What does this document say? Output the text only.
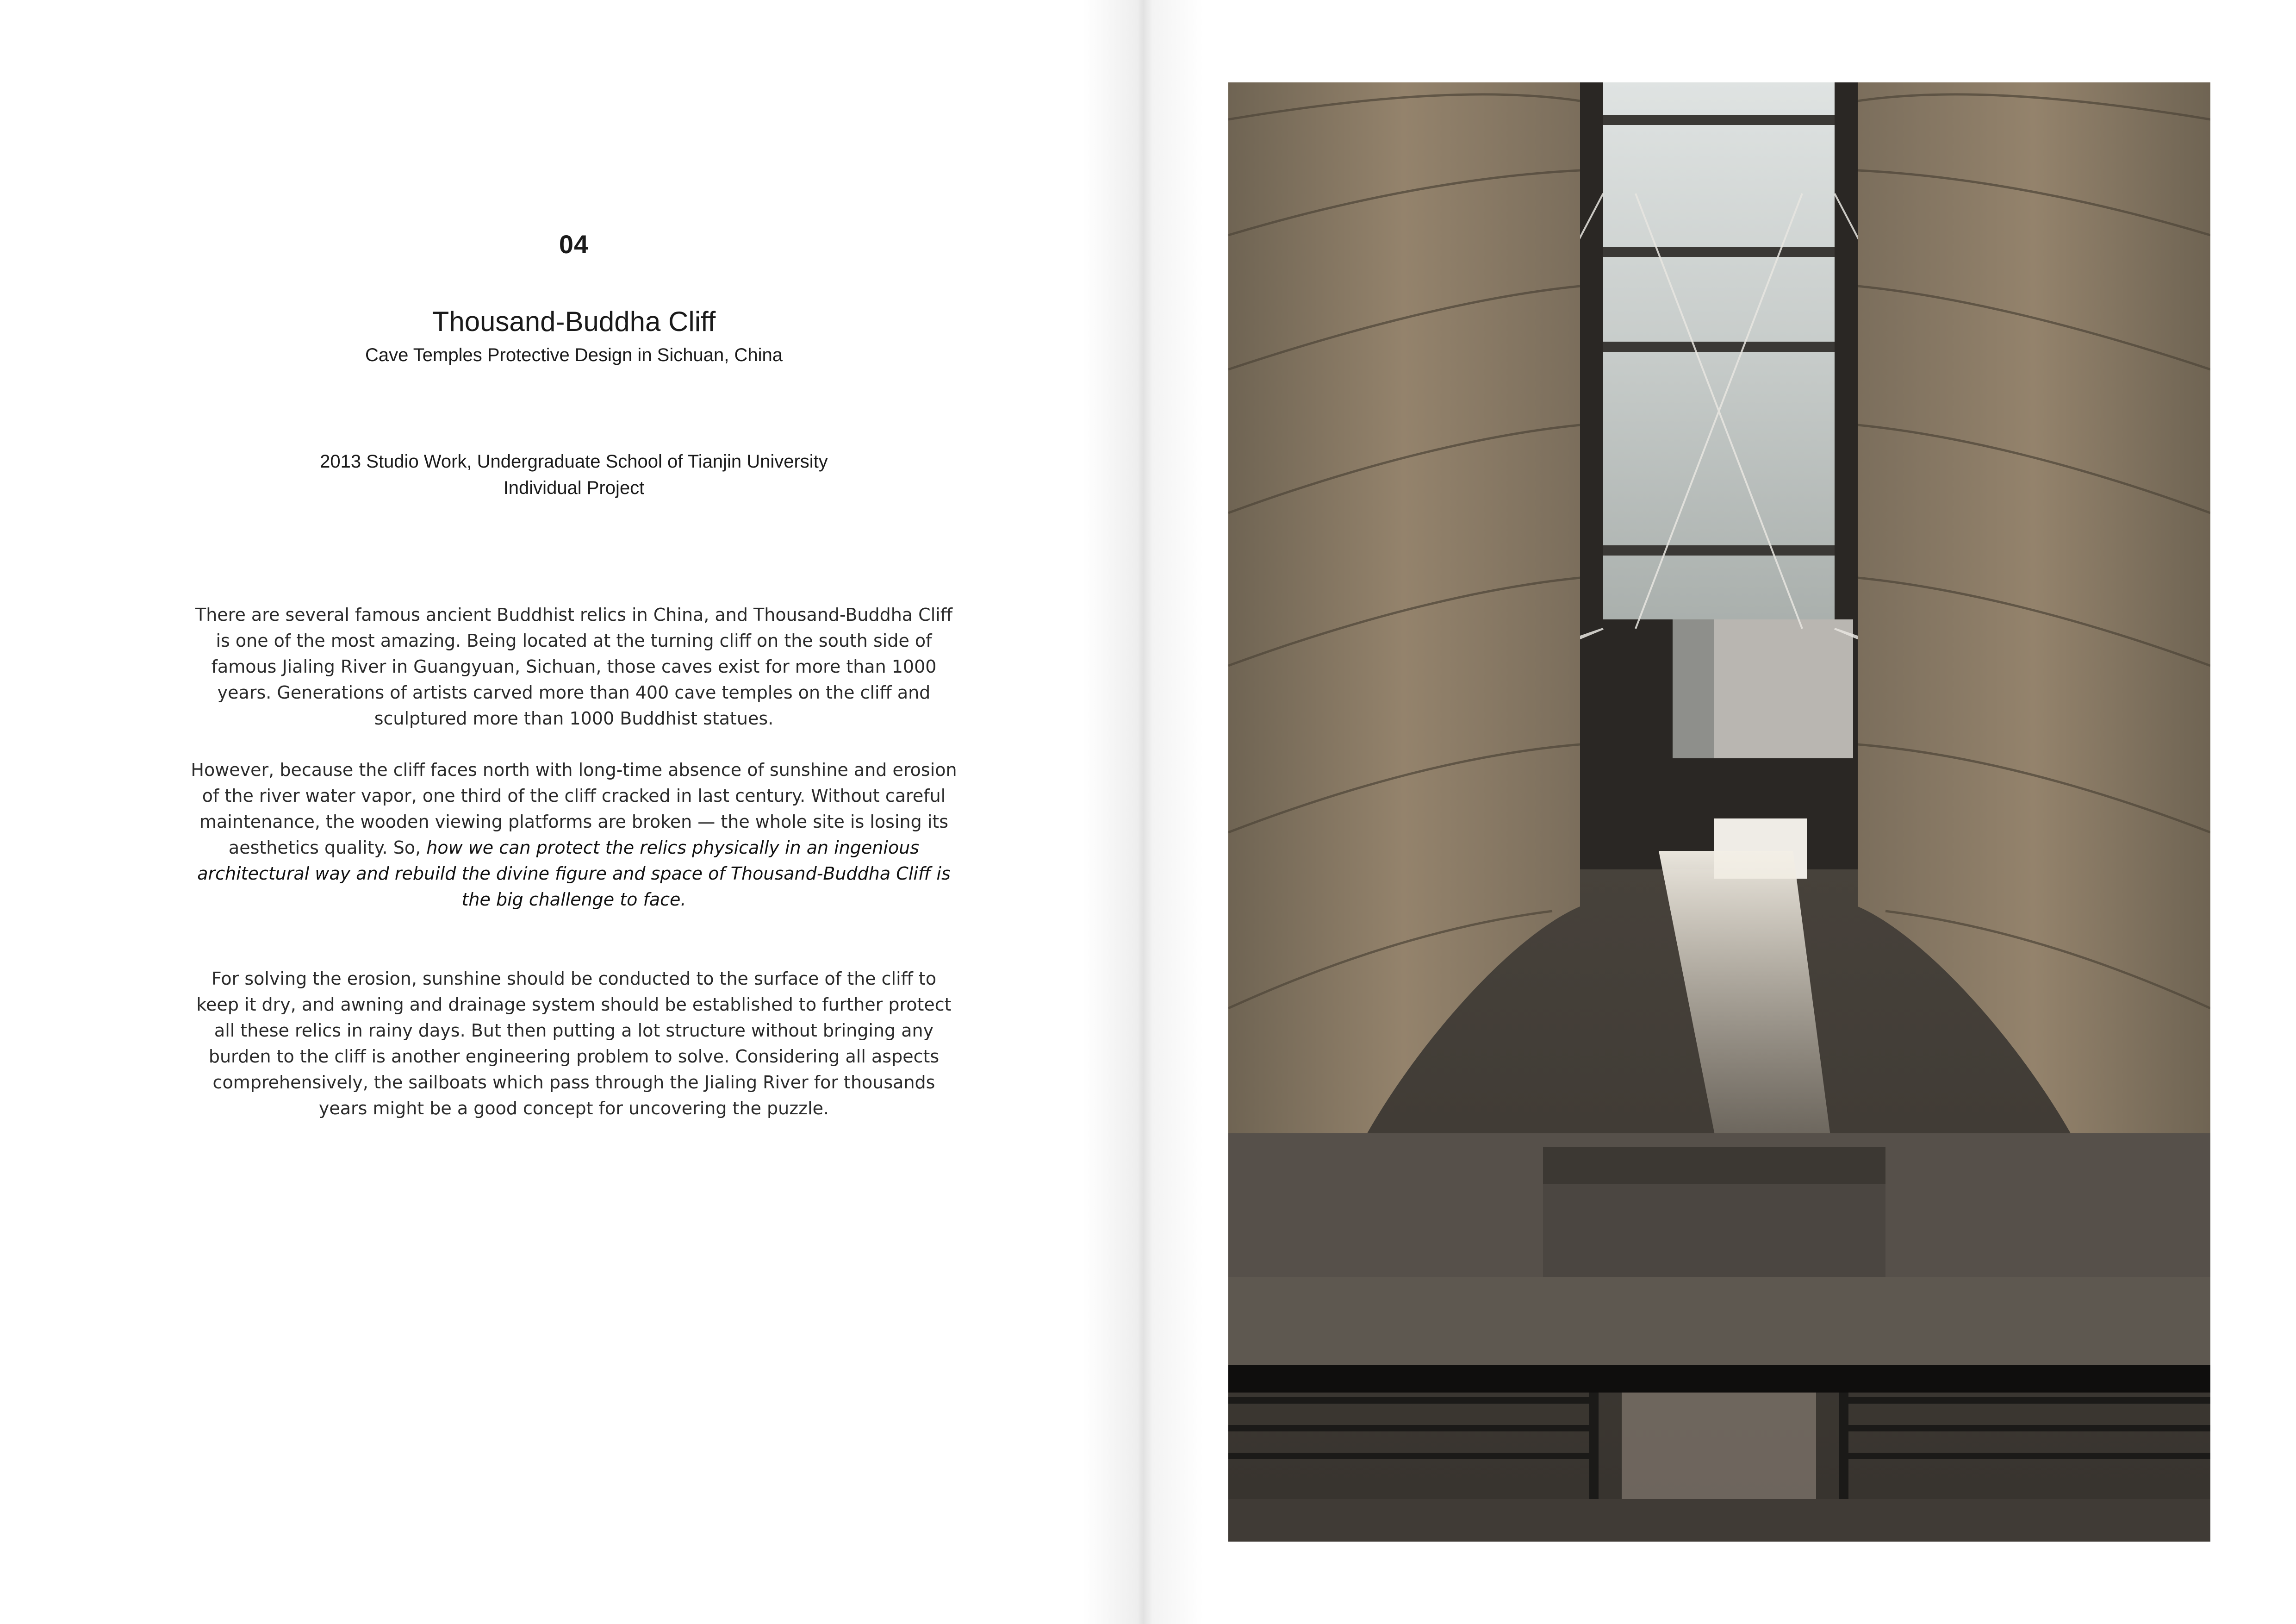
04
Thousand-Buddha Cliff
Cave Temples Protective Design in Sichuan, China
2013 Studio Work, Undergraduate School of Tianjin University
Individual Project

There are several famous ancient Buddhist relics in China, and Thousand-Buddha Cliff is one of the most amazing. Being located at the turning cliff on the south side of famous Jialing River in Guangyuan, Sichuan, those caves exist for more than 1000 years. Generations of artists carved more than 400 cave temples on the cliff and sculptured more than 1000 Buddhist statues.

However, because the cliff faces north with long-time absence of sunshine and erosion of the river water vapor, one third of the cliff cracked in last century. Without careful maintenance, the wooden viewing platforms are broken — the whole site is losing its aesthetics quality. So, how we can protect the relics physically in an ingenious architectural way and rebuild the divine figure and space of Thousand-Buddha Cliff is the big challenge to face.

For solving the erosion, sunshine should be conducted to the surface of the cliff to keep it dry, and awning and drainage system should be established to further protect all these relics in rainy days. But then putting a lot structure without bringing any burden to the cliff is another engineering problem to solve. Considering all aspects comprehensively, the sailboats which pass through the Jialing River for thousands years might be a good concept for uncovering the puzzle.
